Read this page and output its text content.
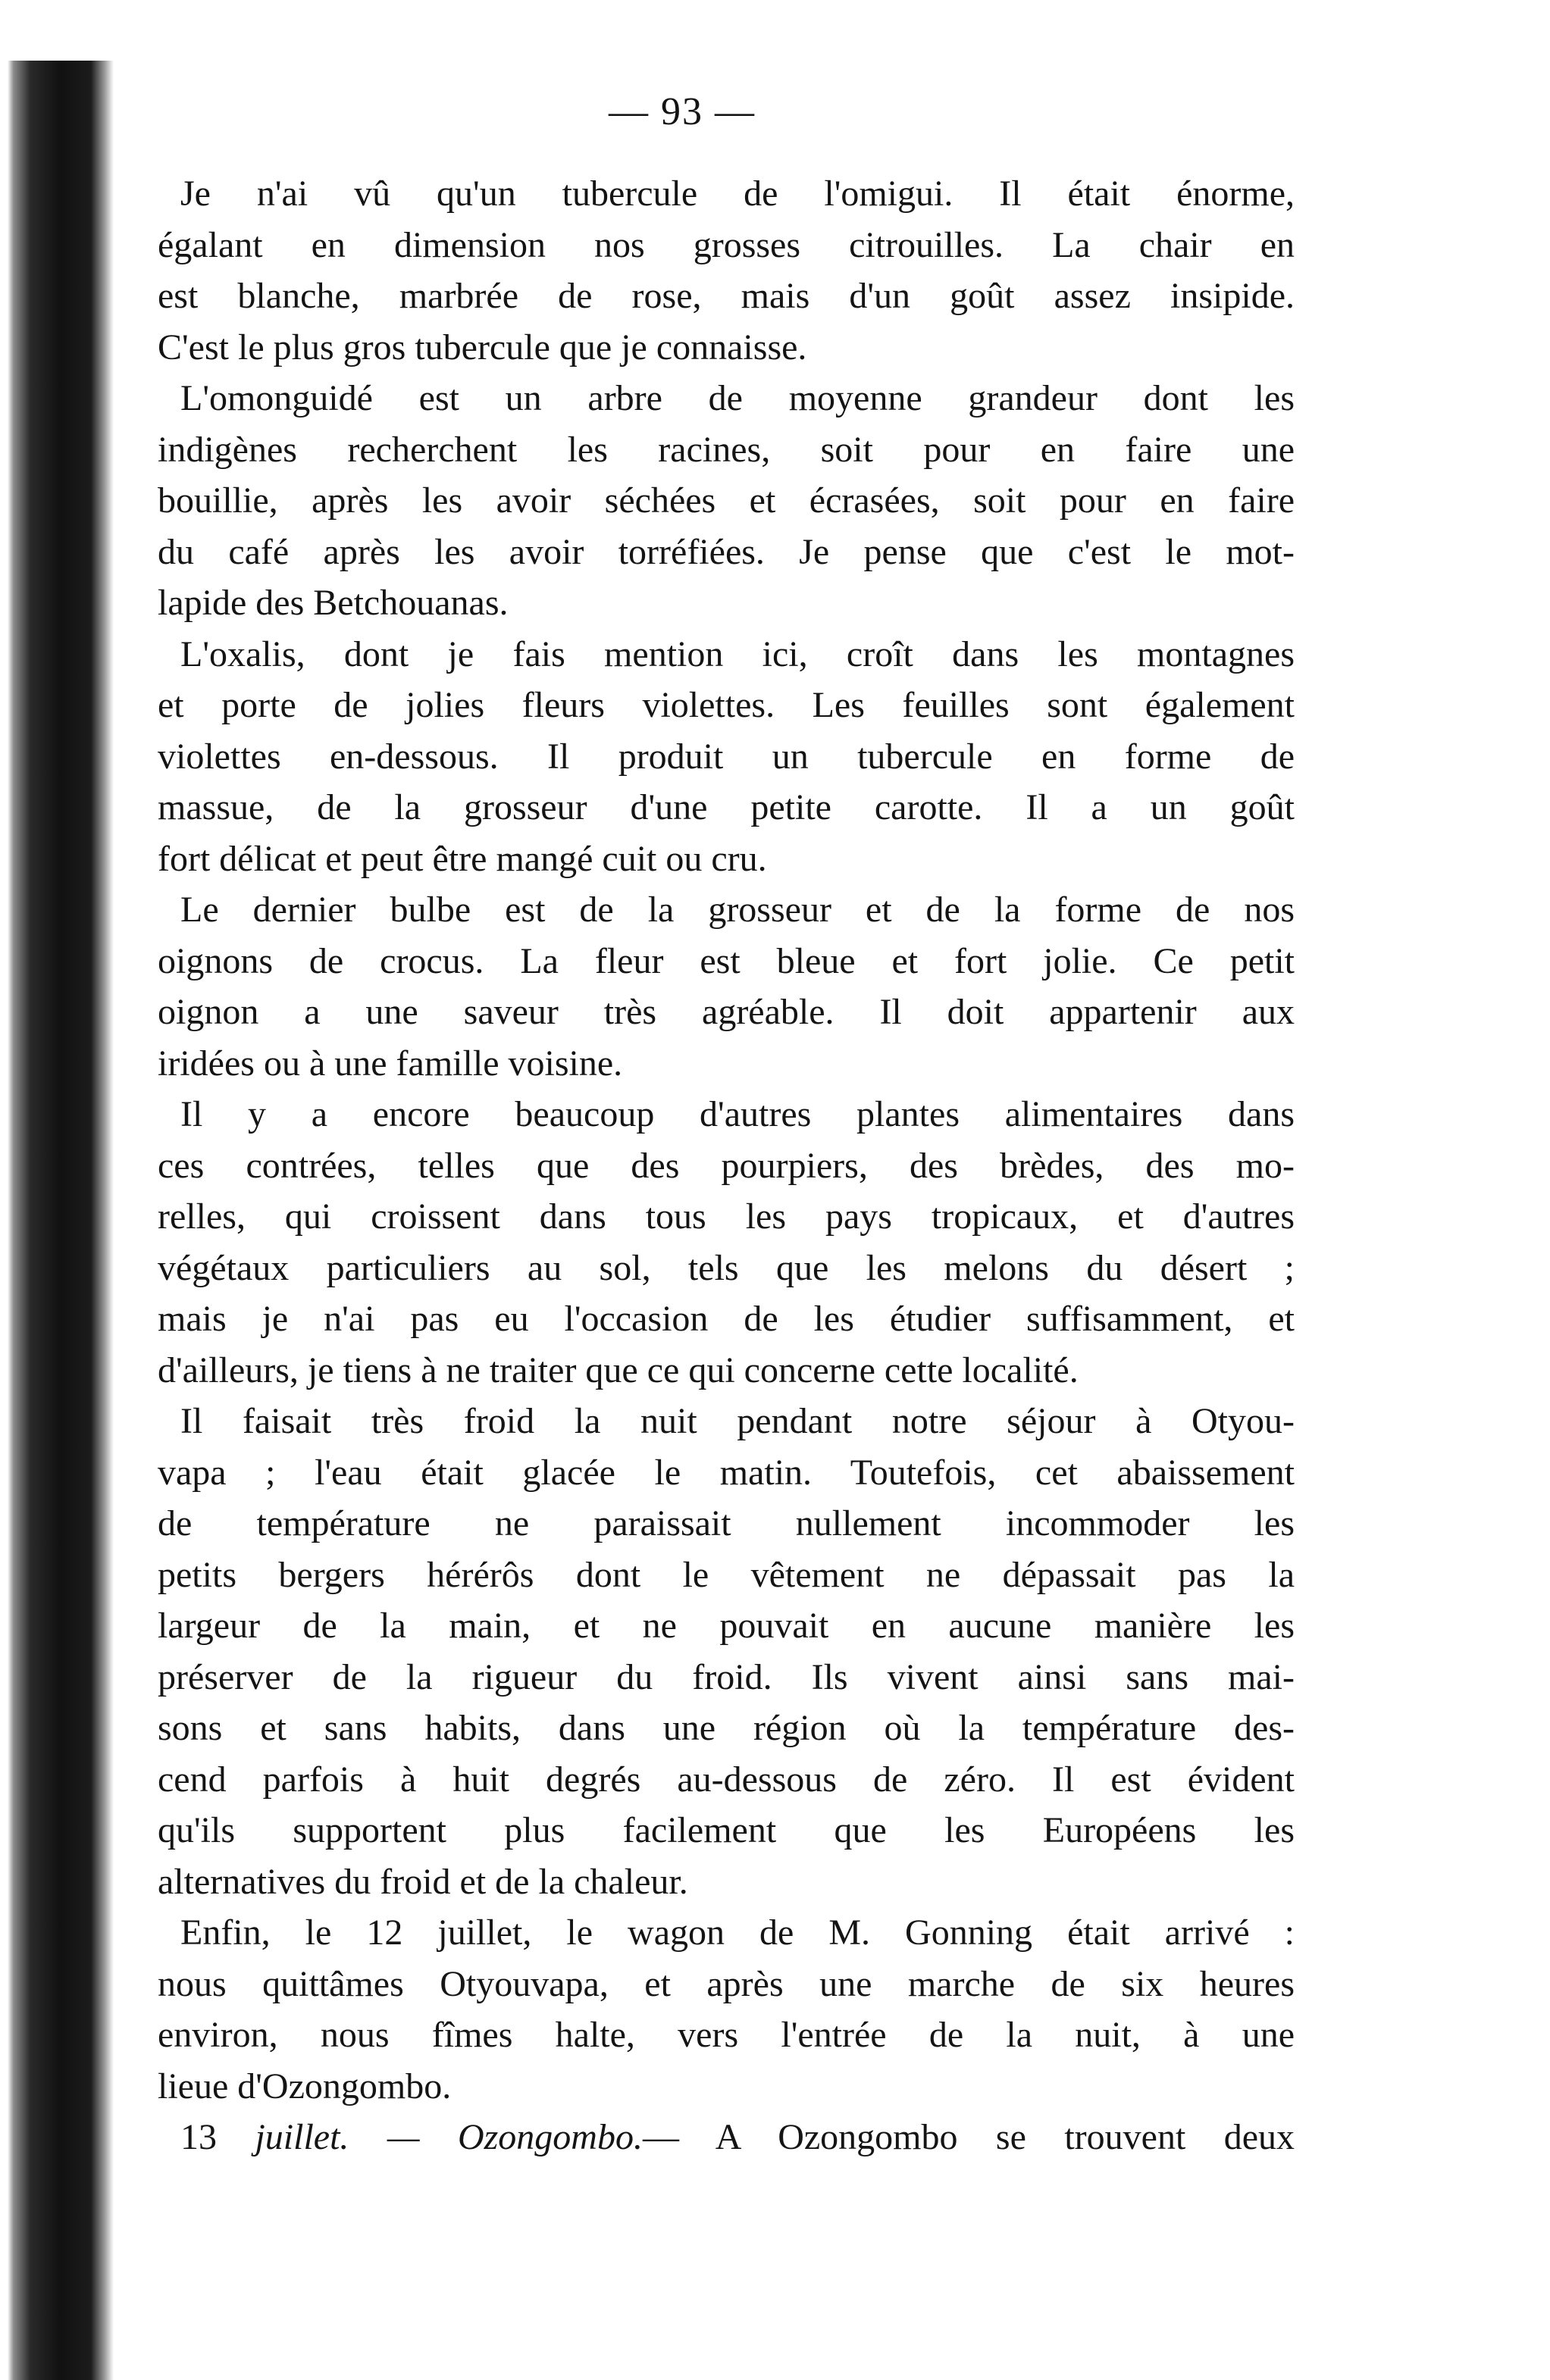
— 93 —
Je n'ai vû qu'un tubercule de l'omigui. Il était énorme,
égalant en dimension nos grosses citrouilles. La chair en
est blanche, marbrée de rose, mais d'un goût assez insipide.
C'est le plus gros tubercule que je connaisse.
L'omonguidé est un arbre de moyenne grandeur dont les
indigènes recherchent les racines, soit pour en faire une
bouillie, après les avoir séchées et écrasées, soit pour en faire
du café après les avoir torréfiées. Je pense que c'est le mot-
lapide des Betchouanas.
L'oxalis, dont je fais mention ici, croît dans les montagnes
et porte de jolies fleurs violettes. Les feuilles sont également
violettes en-dessous. Il produit un tubercule en forme de
massue, de la grosseur d'une petite carotte. Il a un goût
fort délicat et peut être mangé cuit ou cru.
Le dernier bulbe est de la grosseur et de la forme de nos
oignons de crocus. La fleur est bleue et fort jolie. Ce petit
oignon a une saveur très agréable. Il doit appartenir aux
iridées ou à une famille voisine.
Il y a encore beaucoup d'autres plantes alimentaires dans
ces contrées, telles que des pourpiers, des brèdes, des mo-
relles, qui croissent dans tous les pays tropicaux, et d'autres
végétaux particuliers au sol, tels que les melons du désert ;
mais je n'ai pas eu l'occasion de les étudier suffisamment, et
d'ailleurs, je tiens à ne traiter que ce qui concerne cette localité.
Il faisait très froid la nuit pendant notre séjour à Otyou-
vapa ; l'eau était glacée le matin. Toutefois, cet abaissement
de température ne paraissait nullement incommoder les
petits bergers hérérôs dont le vêtement ne dépassait pas la
largeur de la main, et ne pouvait en aucune manière les
préserver de la rigueur du froid. Ils vivent ainsi sans mai-
sons et sans habits, dans une région où la température des-
cend parfois à huit degrés au-dessous de zéro. Il est évident
qu'ils supportent plus facilement que les Européens les
alternatives du froid et de la chaleur.
Enfin, le 12 juillet, le wagon de M. Gonning était arrivé :
nous quittâmes Otyouvapa, et après une marche de six heures
environ, nous fîmes halte, vers l'entrée de la nuit, à une
lieue d'Ozongombo.
13 juillet. — Ozongombo.— A Ozongombo se trouvent deux
